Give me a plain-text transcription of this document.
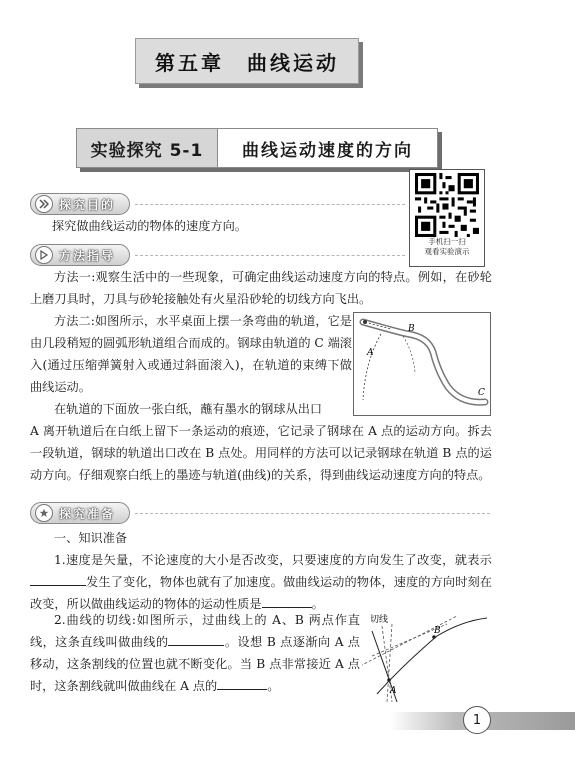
第五章　曲线运动
实验探究 5-1	曲线运动速度的方向
手机扫一扫
观看实验演示
探究目的
探究做曲线运动的物体的速度方向。
方法指导
方法一:观察生活中的一些现象，可确定曲线运动速度方向的特点。例如，在砂轮上磨刀具时，刀具与砂轮接触处有火星沿砂轮的切线方向飞出。
方法二:如图所示，水平桌面上摆一条弯曲的轨道，它是由几段稍短的圆弧形轨道组合而成的。钢球由轨道的 C 端滚入(通过压缩弹簧射入或通过斜面滚入)，在轨道的束缚下做曲线运动。
在轨道的下面放一张白纸，蘸有墨水的钢球从出口
A 离开轨道后在白纸上留下一条运动的痕迹，它记录了钢球在 A 点的运动方向。拆去一段轨道，钢球的轨道出口改在 B 点处。用同样的方法可以记录钢球在轨道 B 点的运动方向。仔细观察白纸上的墨迹与轨道(曲线)的关系，得到曲线运动速度方向的特点。
A
B
C
探究准备
一、知识准备
1.速度是矢量，不论速度的大小是否改变，只要速度的方向发生了改变，就表示发生了变化，物体也就有了加速度。做曲线运动的物体，速度的方向时刻在改变，所以做曲线运动的物体的运动性质是	。
2.曲线的切线:如图所示，过曲线上的 A、B 两点作直线，这条直线叫做曲线的	。设想 B 点逐渐向 A 点移动，这条割线的位置也就不断变化。当 B 点非常接近 A 点时，这条割线就叫做曲线在 A 点的	。
切线
A
B
1
